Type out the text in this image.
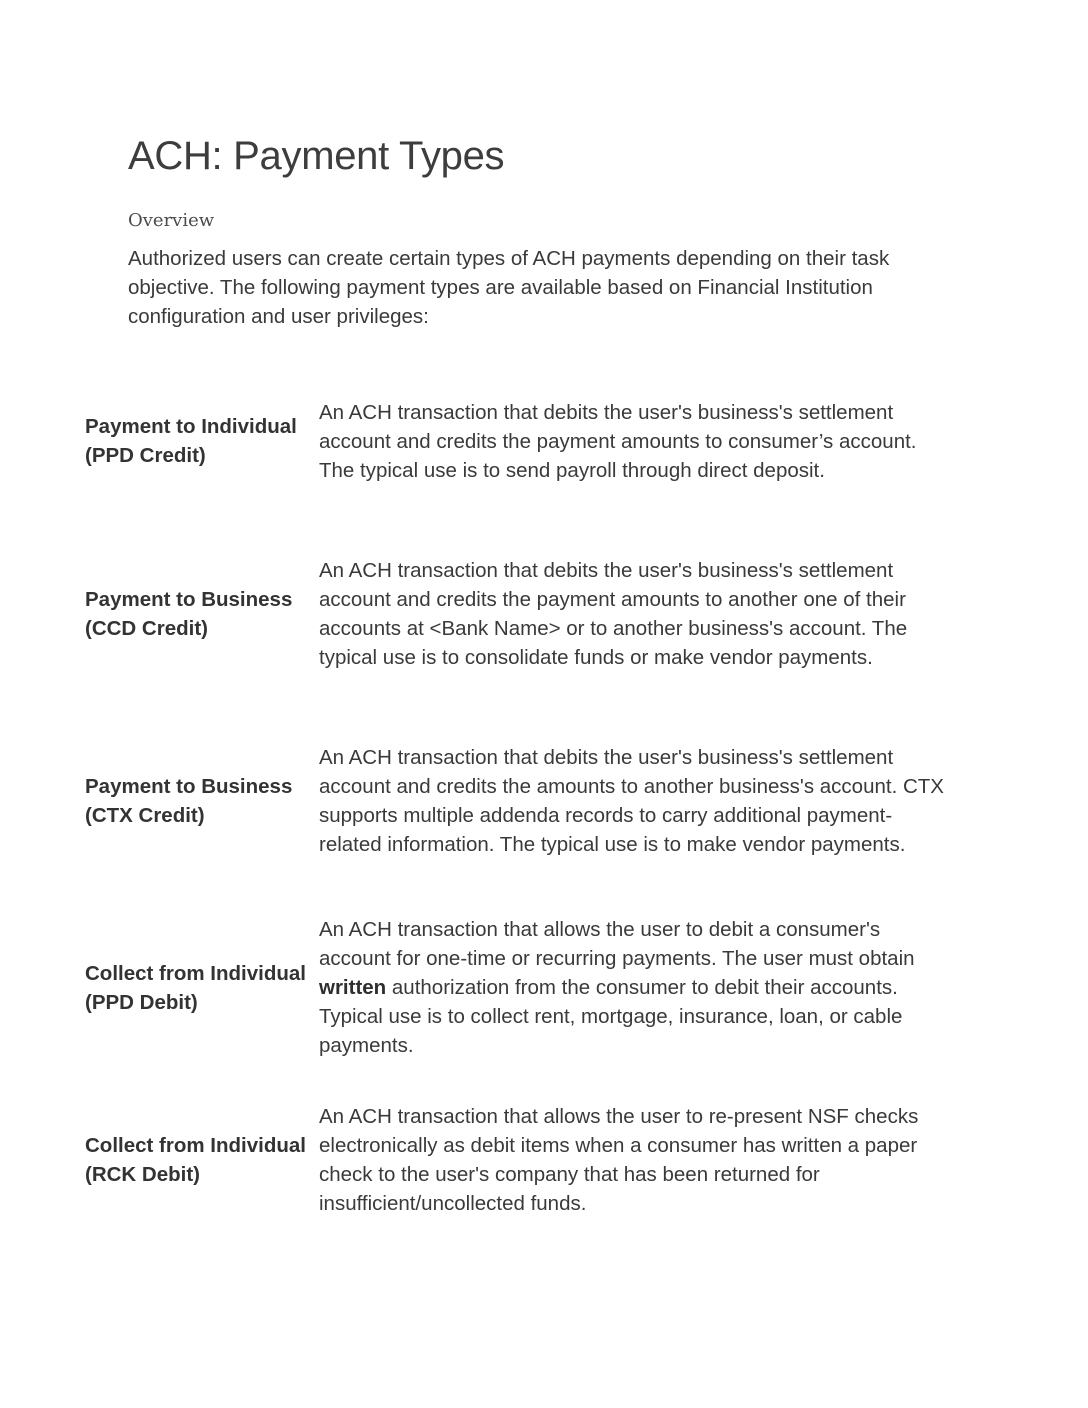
ACH: Payment Types
Overview

Authorized users can create certain types of ACH payments depending on their task objective. The following payment types are available based on Financial Institution configuration and user privileges:

Payment to Individual (PPD Credit)
An ACH transaction that debits the user's business's settlement account and credits the payment amounts to consumer’s account. The typical use is to send payroll through direct deposit.
Payment to Business (CCD Credit)
An ACH transaction that debits the user's business's settlement account and credits the payment amounts to another one of their accounts at <Bank Name> or to another business's account. The typical use is to consolidate funds or make vendor payments.
Payment to Business (CTX Credit)
An ACH transaction that debits the user's business's settlement account and credits the amounts to another business's account. CTX supports multiple addenda records to carry additional payment-related information. The typical use is to make vendor payments.
Collect from Individual (PPD Debit)
An ACH transaction that allows the user to debit a consumer's account for one-time or recurring payments. The user must obtain written authorization from the consumer to debit their accounts. Typical use is to collect rent, mortgage, insurance, loan, or cable payments.
Collect from Individual (RCK Debit)
An ACH transaction that allows the user to re-present NSF checks electronically as debit items when a consumer has written a paper check to the user's company that has been returned for insufficient/uncollected funds.
